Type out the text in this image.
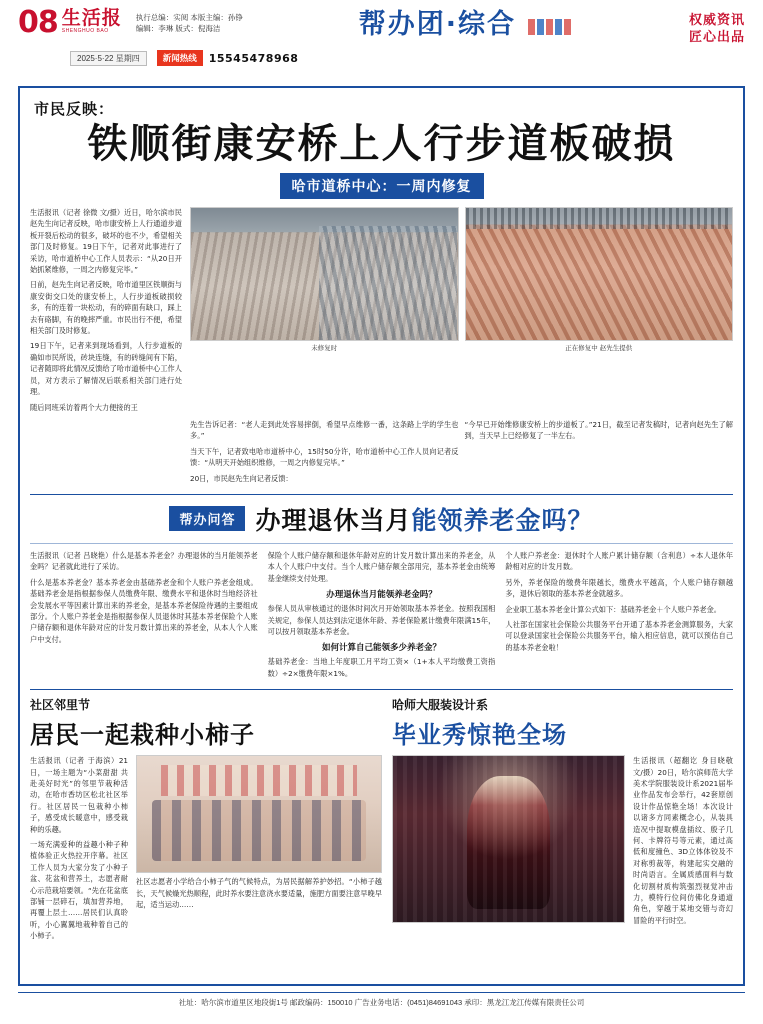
08 生活报
SHENGHUO BAO
执行总编：实阅 本版主编：孙铮
编辑：李琳 版式：倪海洁	帮办团·综合	权威资讯
匠心出品
2025·5·22 星期四	新闻热线	15545478968
市民反映：
铁顺街康安桥上人行步道板破损
哈市道桥中心：一周内修复

生活报讯（记者 徐微 文/摄）近日，哈尔滨市民赵先生向记者反映，哈市康安桥上人行通道步道板开裂后松动的很多，破坏的也不少，希望相关部门及时修复。19日下午，记者对此事进行了采访，哈市道桥中心工作人员表示：“从20日开始抓紧维修，一周之内修复完毕。”

日前，赵先生向记者反映，哈市道里区铁顺街与康安街交口处的康安桥上，人行步道板破损较多，有的连着一块松动，有的碎面有缺口，踩上去有硌脚，有的晚摔严重。市民出行不便，希望相关部门及时修复。

19日下午，记者来到现场看到，人行步道板的确如市民所说，砖块连缝，有的砖缝间有下陷，记者随即将此情况反馈给了哈市道桥中心工作人员，对方表示了解情况后联系相关部门进行处理。

随后同班采访着两个大力便接的王

未修复时	正在修复中 赵先生提供

先生告诉记者：“老人走到此处容易摔倒，希望早点维修一番，这条路上学的学生也多。”

当天下午，记者致电哈市道桥中心，15时50分许，哈市道桥中心工作人员向记者反馈：“从明天开始组织维修，一周之内修复完毕。”

20日，市民赵先生向记者反馈：

“今早已开始维修康安桥上的步道板了。”21日，截至记者发稿时，记者向赵先生了解到，当天早上已经修复了一半左右。

帮办问答 办理退休当月能领养老金吗？

生活报讯（记者 吕晓艳）什么是基本养老金？办理退休的当月能领养老金吗？记者就此进行了采访。

什么是基本养老金？基本养老金由基础养老金和个人账户养老金组成。基础养老金是指根据参保人员缴费年限、缴费水平和退休时当地经济社会发展水平等因素计算出来的养老金，是基本养老保险待遇的主要组成部分。个人账户养老金是指根据参保人员退休时其基本养老保险个人账户储存额和退休年龄对应的计发月数计算出来的养老金，从本人个人账户中支付。

保险个人账户储存额和退休年龄对应的计发月数计算出来的养老金，从本人个人账户中支付。当个人账户储存额全部用完，基本养老金由统筹基金继续支付处理。

办理退休当月能领养老金吗？

参保人员从审核通过的退休时间次月开始领取基本养老金。按照我国相关规定，参保人员达到法定退休年龄、养老保险累计缴费年限满15年，可以按月领取基本养老金。

如何计算自己能领多少养老金？

基础养老金：当地上年度职工月平均工资×（1+本人平均缴费工资指数）÷2×缴费年限×1%。

个人账户养老金：退休时个人账户累计储存额（含利息）÷本人退休年龄相对应的计发月数。

另外，养老保险的缴费年限越长，缴费水平越高，个人账户储存额越多，退休后领取的基本养老金就越多。

企业职工基本养老金计算公式如下：基础养老金＋个人账户养老金。

人社部在国家社会保险公共服务平台开通了基本养老金测算服务，大家可以登录国家社会保险公共服务平台，输入相应信息，就可以预估自己的基本养老金啦！

社区邻里节
居民一起栽种小柿子

生活报讯（记者 于海滨）21日，一场主题为“小菜甜甜 共赴美好时光”的邻里节栽种活动，在哈市香坊区松北社区举行。社区居民一包栽种小柿子，感受成长暖意中，感受栽种的乐趣。

一场充满爱种的益趣小种子种植体验正火热拉开序幕。社区工作人员为大家分发了小种子盆、花盆和营养土，志愿者耐心示范栽培要领。“先在花盆底部铺一层碎石，填加营养地，再覆上层土……居民们认真聆听，小心翼翼地栽种着自己的小柿子。

社区志愿者小学给合小柿子气的气候特点，为居民据解养护妙招。“小柿子越长，天气候燥光热顺程，此时养水要注意浇水要适量，施肥方面要注意早晚早起，适当运动……

哈师大服装设计系
毕业秀惊艳全场

生活报讯（超翻讫 身目晓敬 文/摄）20日，哈尔滨师范大学美术学院服装设计系2021届毕业作品发布会举行，42套原创设计作品惊艳全场！本次设计以诸多方同素概念心，从装具造况中提取模盘插纹、殷子几何、卡牌符号等元素，通过高低和度撞色、3D立体体铰及不对称剪裁等，构建起实交融的时尚语言。全属质感面料与数化切割材质构筑强烈视觉冲击力，模特行位间仿佛化身通道角色，穿越于某地交错与奇幻冒险的平行时空。

社址：哈尔滨市道里区地段街1号 邮政编码：150010 广告业务电话：(0451)84691043 承印：黑龙江龙江传媒有限责任公司
